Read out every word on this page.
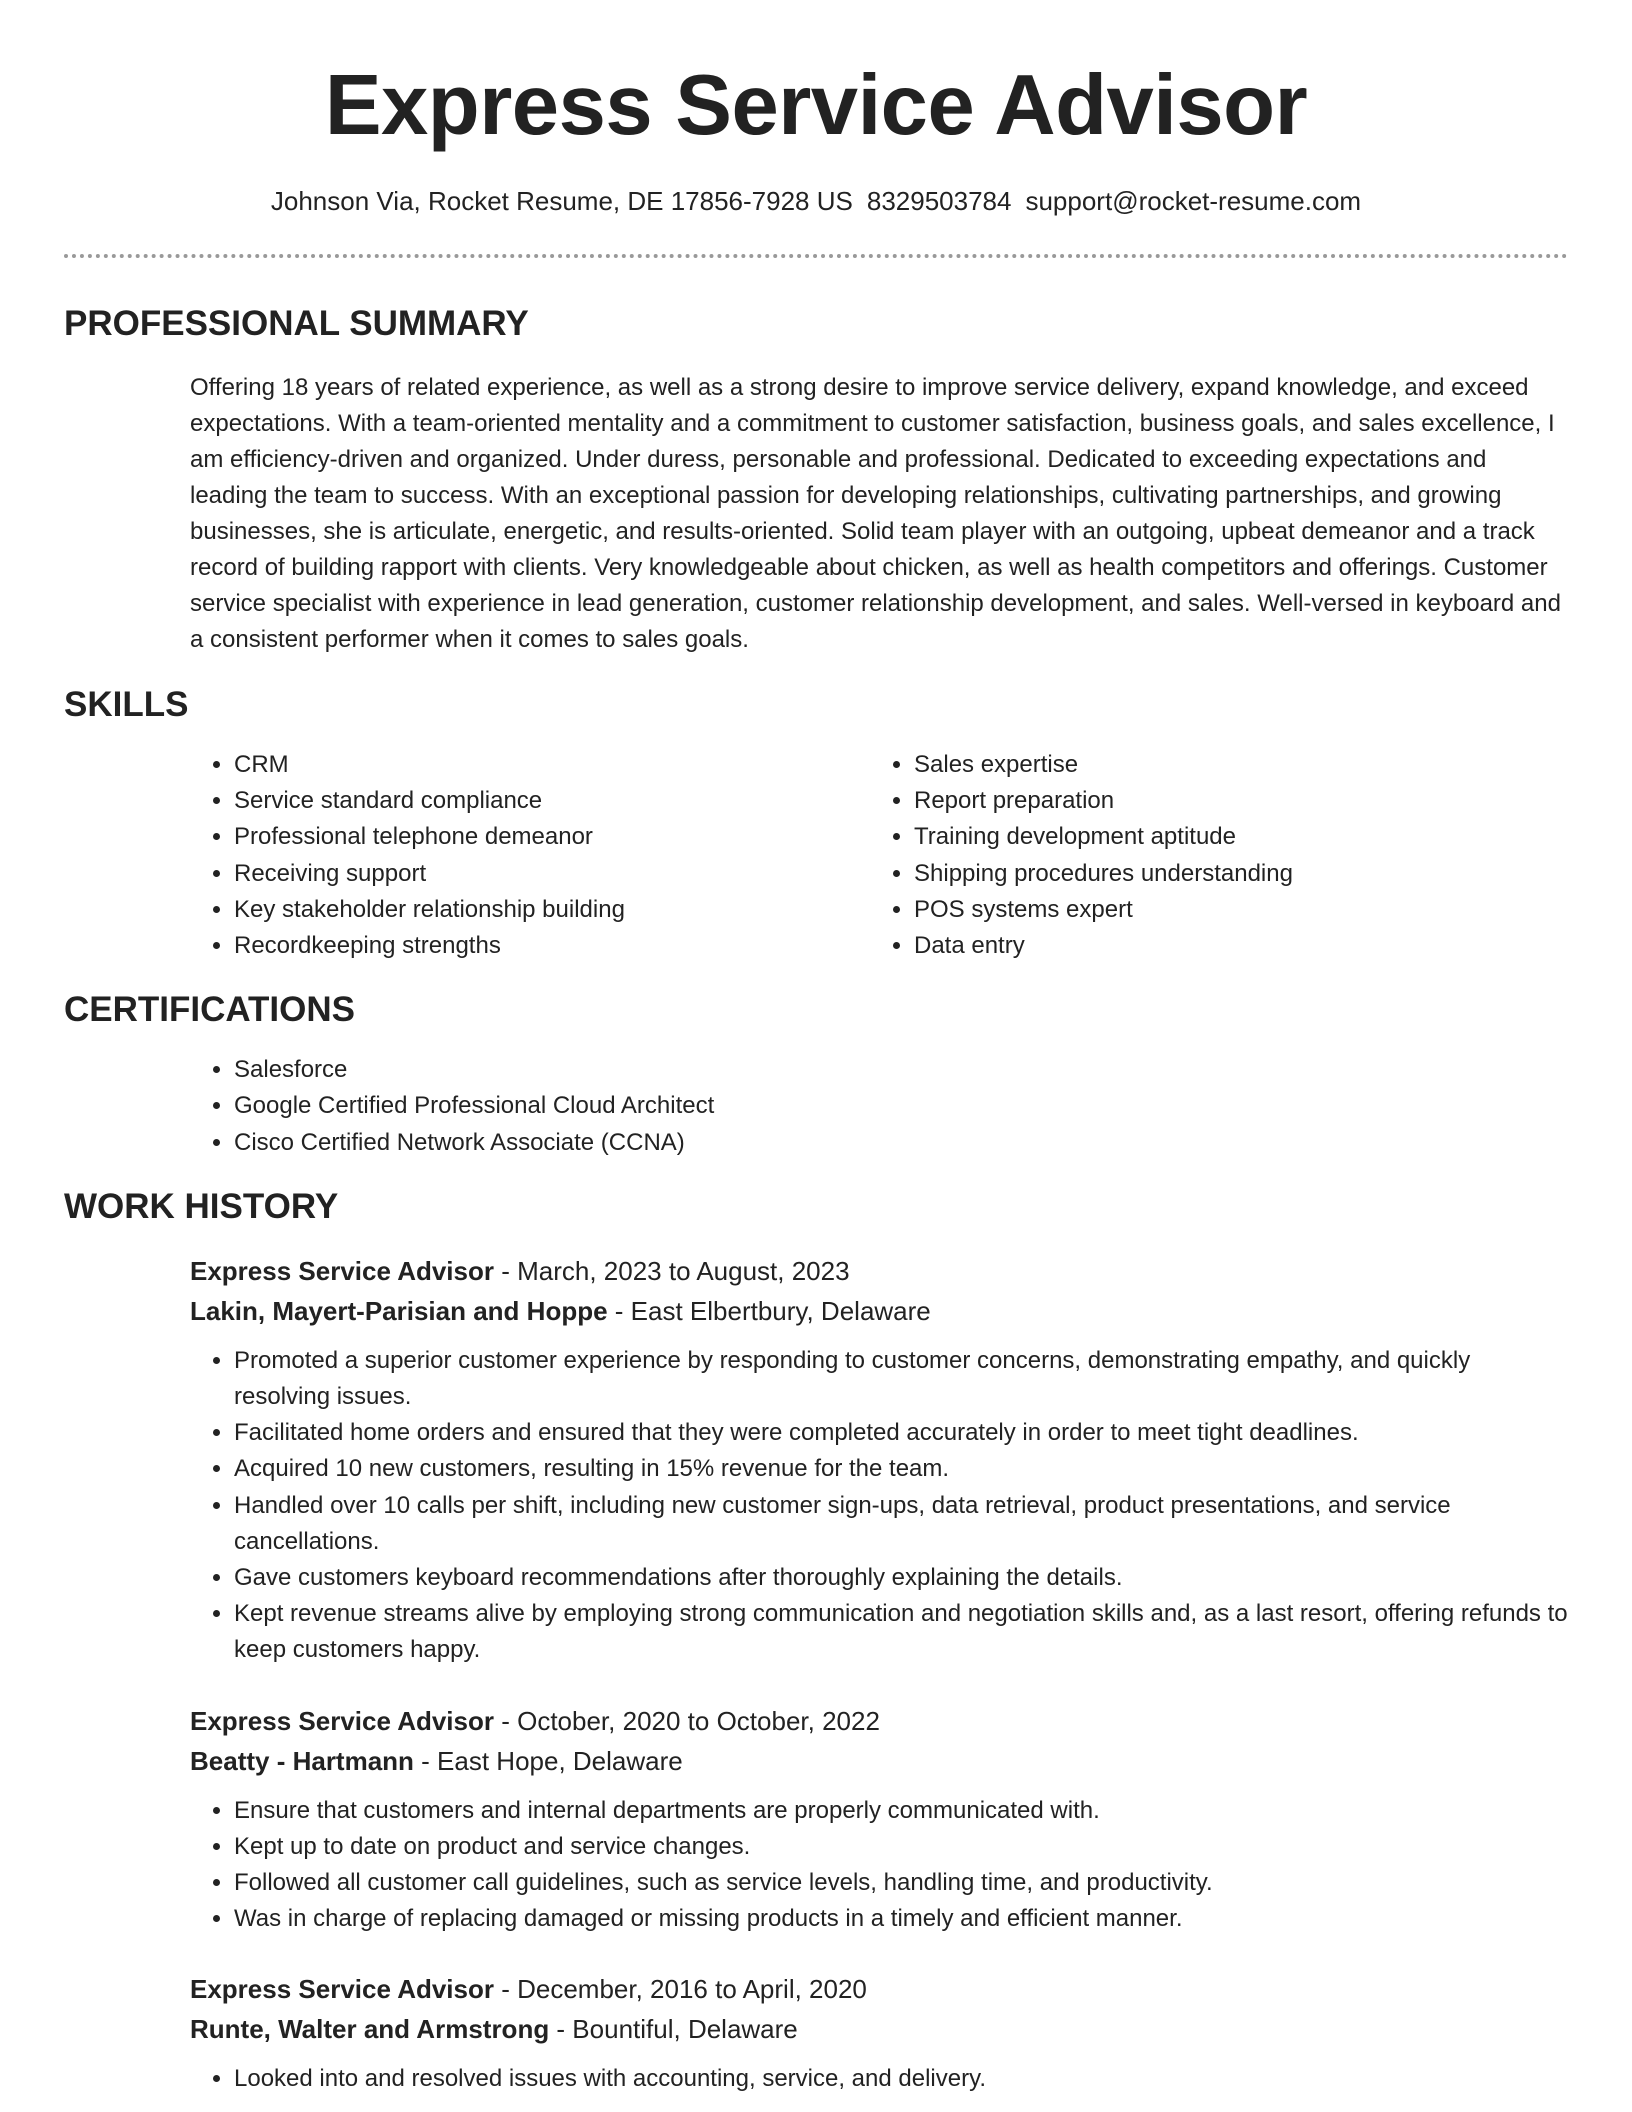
Express Service Advisor
Johnson Via, Rocket Resume, DE 17856-7928 US 8329503784 support@rocket-resume.com
PROFESSIONAL SUMMARY
Offering 18 years of related experience, as well as a strong desire to improve service delivery, expand knowledge, and exceed expectations. With a team-oriented mentality and a commitment to customer satisfaction, business goals, and sales excellence, I am efficiency-driven and organized. Under duress, personable and professional. Dedicated to exceeding expectations and leading the team to success. With an exceptional passion for developing relationships, cultivating partnerships, and growing businesses, she is articulate, energetic, and results-oriented. Solid team player with an outgoing, upbeat demeanor and a track record of building rapport with clients. Very knowledgeable about chicken, as well as health competitors and offerings. Customer service specialist with experience in lead generation, customer relationship development, and sales. Well-versed in keyboard and a consistent performer when it comes to sales goals.
SKILLS
• CRM
• Service standard compliance
• Professional telephone demeanor
• Receiving support
• Key stakeholder relationship building
• Recordkeeping strengths
• Sales expertise
• Report preparation
• Training development aptitude
• Shipping procedures understanding
• POS systems expert
• Data entry
CERTIFICATIONS
• Salesforce
• Google Certified Professional Cloud Architect
• Cisco Certified Network Associate (CCNA)
WORK HISTORY
Express Service Advisor - March, 2023 to August, 2023
Lakin, Mayert-Parisian and Hoppe - East Elbertbury, Delaware
• Promoted a superior customer experience by responding to customer concerns, demonstrating empathy, and quickly resolving issues.
• Facilitated home orders and ensured that they were completed accurately in order to meet tight deadlines.
• Acquired 10 new customers, resulting in 15% revenue for the team.
• Handled over 10 calls per shift, including new customer sign-ups, data retrieval, product presentations, and service cancellations.
• Gave customers keyboard recommendations after thoroughly explaining the details.
• Kept revenue streams alive by employing strong communication and negotiation skills and, as a last resort, offering refunds to keep customers happy.
Express Service Advisor - October, 2020 to October, 2022
Beatty - Hartmann - East Hope, Delaware
• Ensure that customers and internal departments are properly communicated with.
• Kept up to date on product and service changes.
• Followed all customer call guidelines, such as service levels, handling time, and productivity.
• Was in charge of replacing damaged or missing products in a timely and efficient manner.
Express Service Advisor - December, 2016 to April, 2020
Runte, Walter and Armstrong - Bountiful, Delaware
• Looked into and resolved issues with accounting, service, and delivery.
